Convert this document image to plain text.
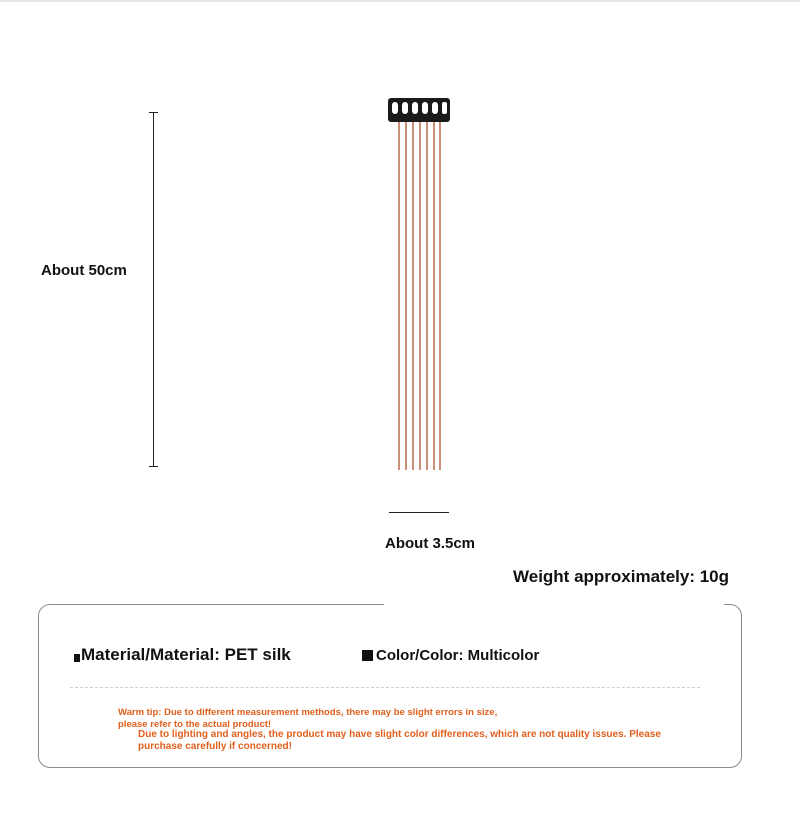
About 50cm
About 3.5cm
Weight approximately: 10g
Material/Material: PET silk	Color/Color: Multicolor
Warm tip: Due to different measurement methods, there may be slight errors in size,
please refer to the actual product!
Due to lighting and angles, the product may have slight color differences, which are not quality issues. Please
purchase carefully if concerned!
